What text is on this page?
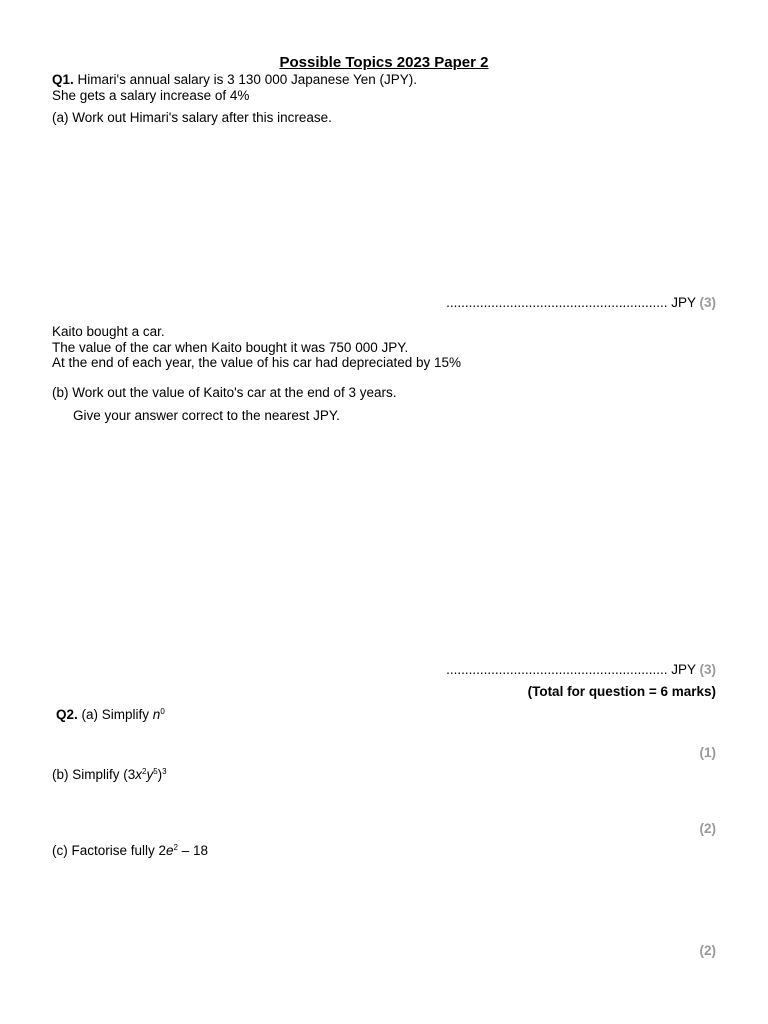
Possible Topics 2023 Paper 2
Q1. Himari's annual salary is 3 130 000 Japanese Yen (JPY).
She gets a salary increase of 4%
(a) Work out Himari's salary after this increase.
........................................................... JPY (3)
Kaito bought a car.
The value of the car when Kaito bought it was 750 000 JPY.
At the end of each year, the value of his car had depreciated by 15%
(b) Work out the value of Kaito's car at the end of 3 years.
Give your answer correct to the nearest JPY.
........................................................... JPY (3)
(Total for question = 6 marks)
Q2. (a) Simplify $n^0$
(1)
(b) Simplify $(3x^2y^5)^3$
(2)
(c) Factorise fully $2e^2 - 18$
(2)
